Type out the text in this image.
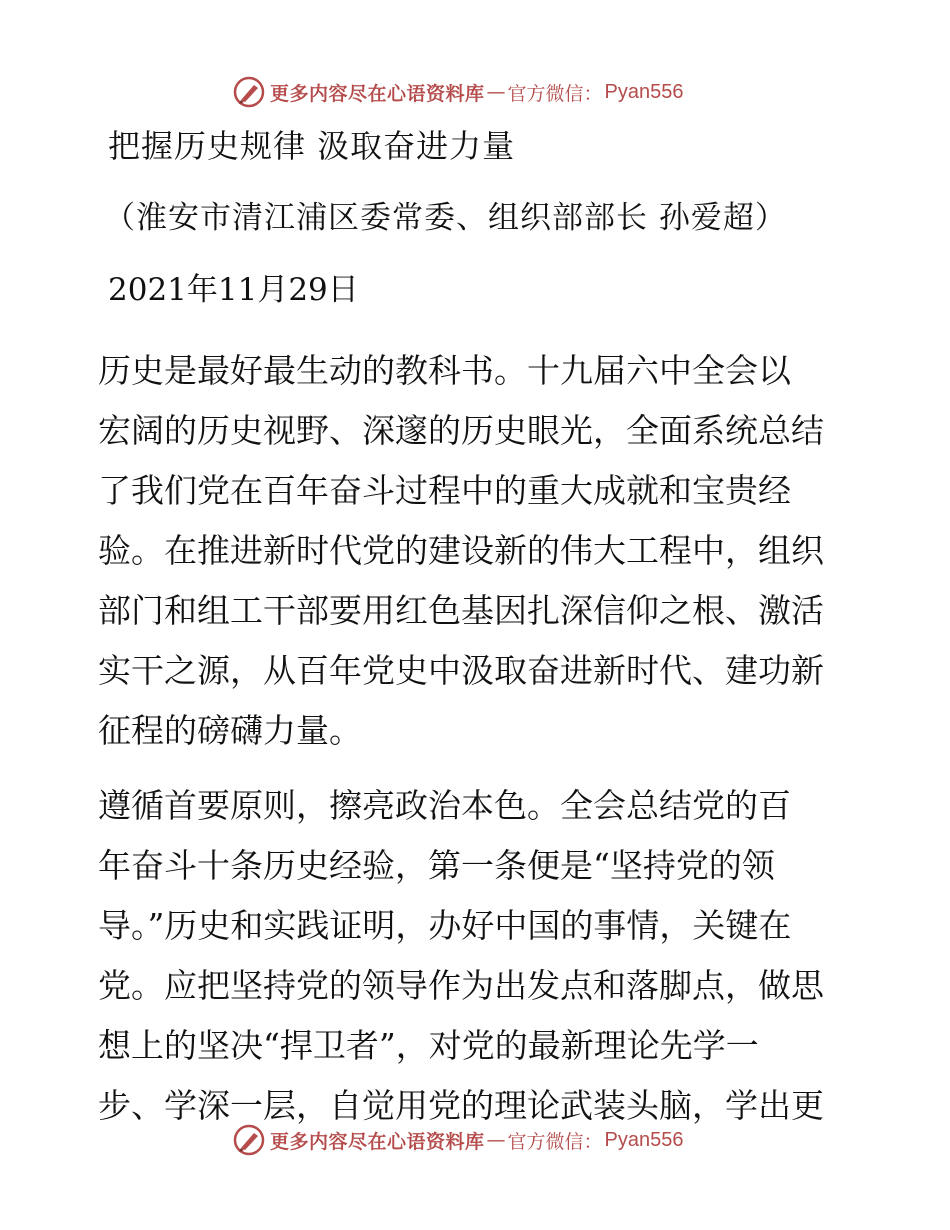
更多内容尽在心语资料库 — 官方微信： Pyan556
把握历史规律 汲取奋进力量
（淮安市清江浦区委常委、组织部部长 孙爱超）
2021年11月29日
历史是最好最生动的教科书。十九届六中全会以
宏阔的历史视野、深邃的历史眼光，全面系统总结
了我们党在百年奋斗过程中的重大成就和宝贵经
验。在推进新时代党的建设新的伟大工程中，组织
部门和组工干部要用红色基因扎深信仰之根、激活
实干之源，从百年党史中汲取奋进新时代、建功新
征程的磅礴力量。
遵循首要原则，擦亮政治本色。全会总结党的百
年奋斗十条历史经验，第一条便是“坚持党的领
导。”历史和实践证明，办好中国的事情，关键在
党。应把坚持党的领导作为出发点和落脚点，做思
想上的坚决“捍卫者”，对党的最新理论先学一
步、学深一层，自觉用党的理论武装头脑，学出更
更多内容尽在心语资料库 — 官方微信： Pyan556
